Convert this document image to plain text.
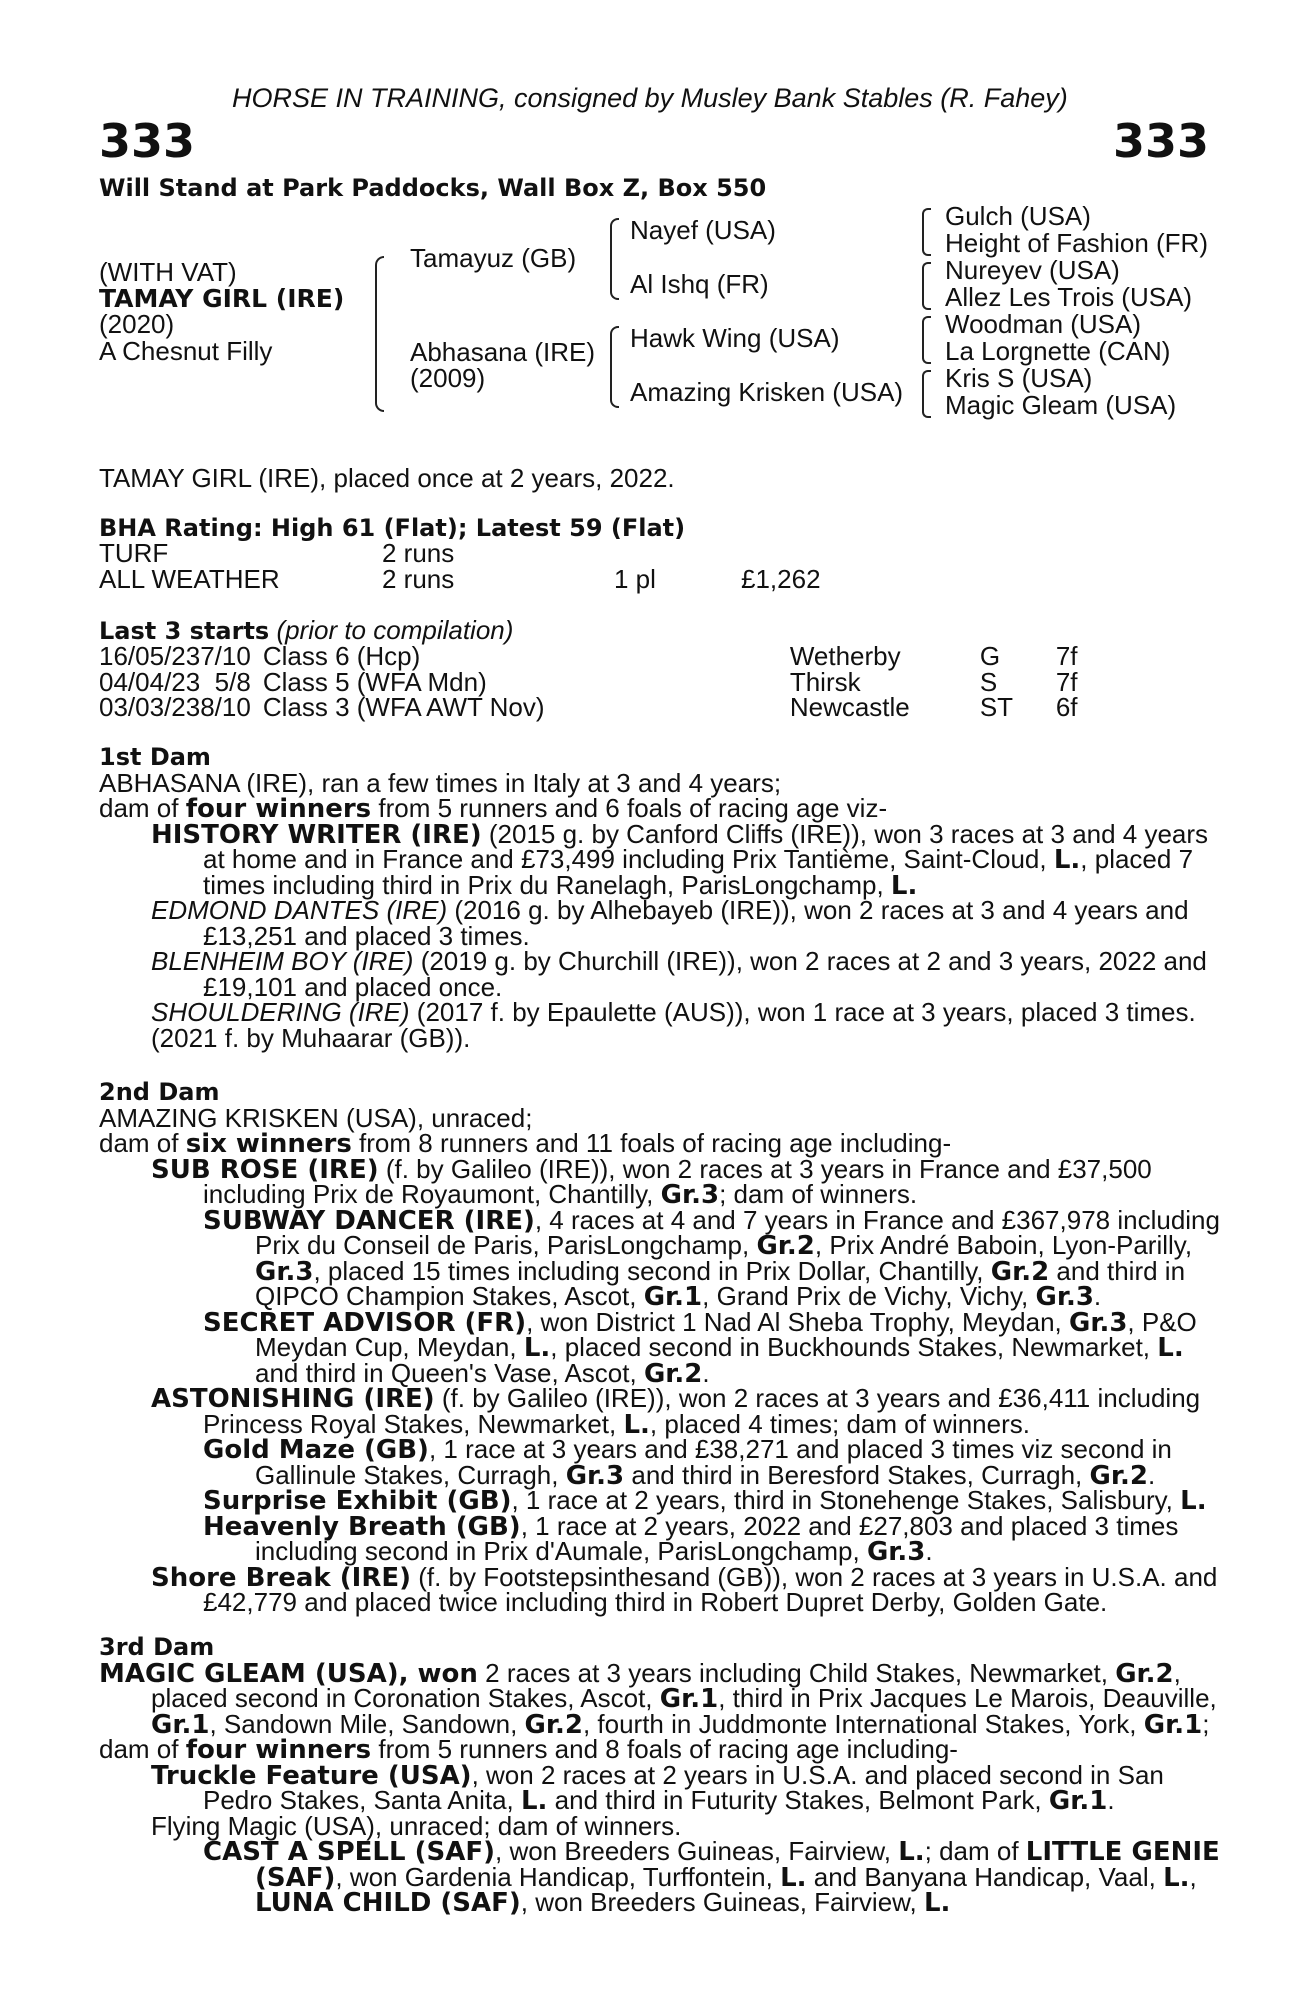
HORSE IN TRAINING, consigned by Musley Bank Stables (R. Fahey)
333	333
Will Stand at Park Paddocks, Wall Box Z, Box 550
(WITH VAT)
TAMAY GIRL (IRE)
(2020)
A Chesnut Filly
Tamayuz (GB)
Abhasana (IRE)
(2009)
Nayef (USA)
Al Ishq (FR)
Hawk Wing (USA)
Amazing Krisken (USA)
Gulch (USA)
Height of Fashion (FR)
Nureyev (USA)
Allez Les Trois (USA)
Woodman (USA)
La Lorgnette (CAN)
Kris S (USA)
Magic Gleam (USA)
TAMAY GIRL (IRE), placed once at 2 years, 2022.
BHA Rating: High 61 (Flat); Latest 59 (Flat)
TURF	2 runs		
ALL WEATHER	2 runs	1 pl	£1,262
Last 3 starts (prior to compilation)
16/05/23	7/10	Class 6 (Hcp)	Wetherby	G	7f
04/04/23	5/8	Class 5 (WFA Mdn)	Thirsk	S	7f
03/03/23	8/10	Class 3 (WFA AWT Nov)	Newcastle	ST	6f
1st Dam
ABHASANA (IRE), ran a few times in Italy at 3 and 4 years;
dam of four winners from 5 runners and 6 foals of racing age viz-
HISTORY WRITER (IRE) (2015 g. by Canford Cliffs (IRE)), won 3 races at 3 and 4 years
at home and in France and £73,499 including Prix Tantième, Saint-Cloud, L., placed 7
times including third in Prix du Ranelagh, ParisLongchamp, L.
EDMOND DANTES (IRE) (2016 g. by Alhebayeb (IRE)), won 2 races at 3 and 4 years and
£13,251 and placed 3 times.
BLENHEIM BOY (IRE) (2019 g. by Churchill (IRE)), won 2 races at 2 and 3 years, 2022 and
£19,101 and placed once.
SHOULDERING (IRE) (2017 f. by Epaulette (AUS)), won 1 race at 3 years, placed 3 times.
(2021 f. by Muhaarar (GB)).
2nd Dam
AMAZING KRISKEN (USA), unraced;
dam of six winners from 8 runners and 11 foals of racing age including-
SUB ROSE (IRE) (f. by Galileo (IRE)), won 2 races at 3 years in France and £37,500
including Prix de Royaumont, Chantilly, Gr.3; dam of winners.
SUBWAY DANCER (IRE), 4 races at 4 and 7 years in France and £367,978 including
Prix du Conseil de Paris, ParisLongchamp, Gr.2, Prix André Baboin, Lyon-Parilly,
Gr.3, placed 15 times including second in Prix Dollar, Chantilly, Gr.2 and third in
QIPCO Champion Stakes, Ascot, Gr.1, Grand Prix de Vichy, Vichy, Gr.3.
SECRET ADVISOR (FR), won District 1 Nad Al Sheba Trophy, Meydan, Gr.3, P&O
Meydan Cup, Meydan, L., placed second in Buckhounds Stakes, Newmarket, L.
and third in Queen's Vase, Ascot, Gr.2.
ASTONISHING (IRE) (f. by Galileo (IRE)), won 2 races at 3 years and £36,411 including
Princess Royal Stakes, Newmarket, L., placed 4 times; dam of winners.
Gold Maze (GB), 1 race at 3 years and £38,271 and placed 3 times viz second in
Gallinule Stakes, Curragh, Gr.3 and third in Beresford Stakes, Curragh, Gr.2.
Surprise Exhibit (GB), 1 race at 2 years, third in Stonehenge Stakes, Salisbury, L.
Heavenly Breath (GB), 1 race at 2 years, 2022 and £27,803 and placed 3 times
including second in Prix d'Aumale, ParisLongchamp, Gr.3.
Shore Break (IRE) (f. by Footstepsinthesand (GB)), won 2 races at 3 years in U.S.A. and
£42,779 and placed twice including third in Robert Dupret Derby, Golden Gate.
3rd Dam
MAGIC GLEAM (USA), won 2 races at 3 years including Child Stakes, Newmarket, Gr.2,
placed second in Coronation Stakes, Ascot, Gr.1, third in Prix Jacques Le Marois, Deauville,
Gr.1, Sandown Mile, Sandown, Gr.2, fourth in Juddmonte International Stakes, York, Gr.1;
dam of four winners from 5 runners and 8 foals of racing age including-
Truckle Feature (USA), won 2 races at 2 years in U.S.A. and placed second in San
Pedro Stakes, Santa Anita, L. and third in Futurity Stakes, Belmont Park, Gr.1.
Flying Magic (USA), unraced; dam of winners.
CAST A SPELL (SAF), won Breeders Guineas, Fairview, L.; dam of LITTLE GENIE
(SAF), won Gardenia Handicap, Turffontein, L. and Banyana Handicap, Vaal, L.,
LUNA CHILD (SAF), won Breeders Guineas, Fairview, L.
